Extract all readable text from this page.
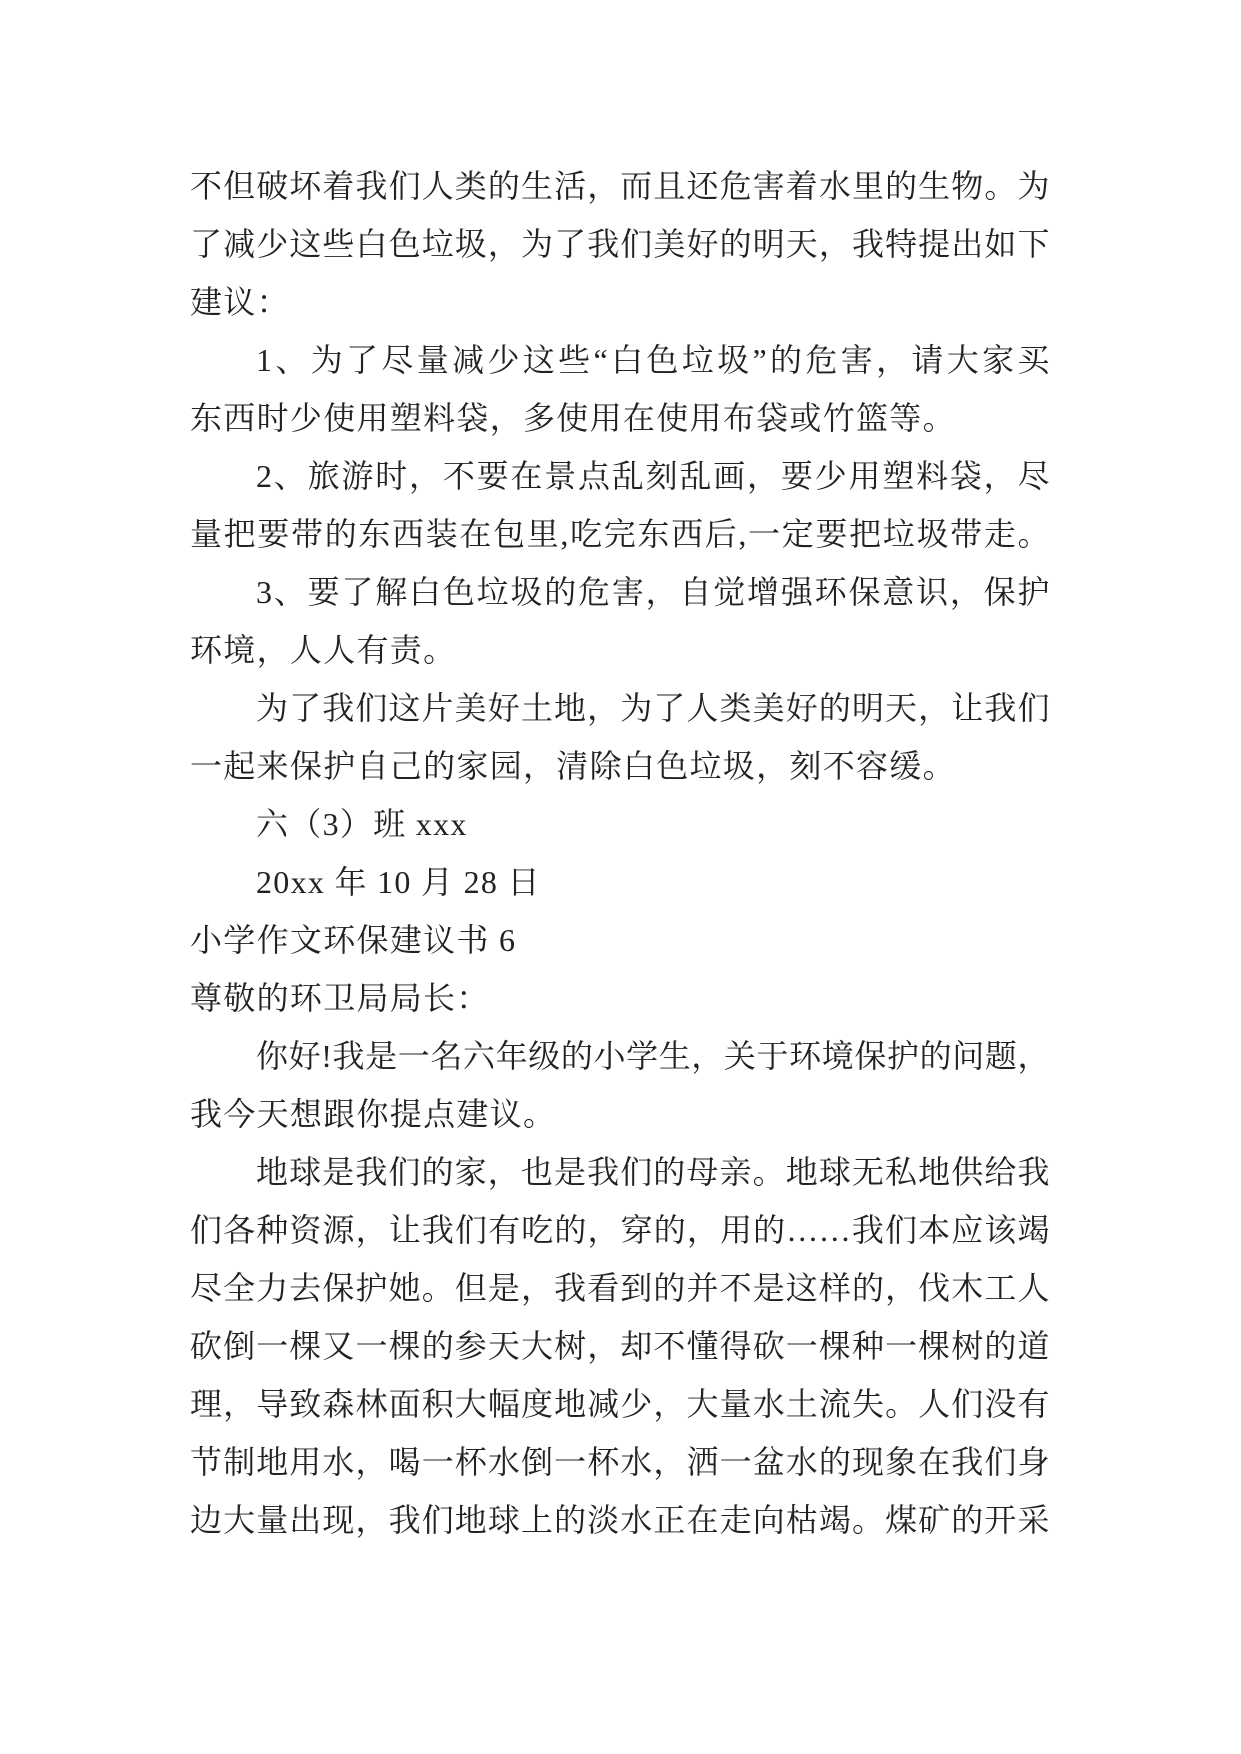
不但破坏着我们人类的生活，而且还危害着水里的生物。为
了减少这些白色垃圾，为了我们美好的明天，我特提出如下
建议：
1、为了尽量减少这些“白色垃圾”的危害，请大家买
东西时少使用塑料袋，多使用在使用布袋或竹篮等。
2、旅游时，不要在景点乱刻乱画，要少用塑料袋，尽
量把要带的东西装在包里,吃完东西后,一定要把垃圾带走。
3、要了解白色垃圾的危害，自觉增强环保意识，保护
环境，人人有责。
为了我们这片美好土地，为了人类美好的明天，让我们
一起来保护自己的家园，清除白色垃圾，刻不容缓。
六（3）班 xxx
20xx 年 10 月 28 日
小学作文环保建议书 6
尊敬的环卫局局长：
你好!我是一名六年级的小学生，关于环境保护的问题，
我今天想跟你提点建议。
地球是我们的家，也是我们的母亲。地球无私地供给我
们各种资源，让我们有吃的，穿的，用的……我们本应该竭
尽全力去保护她。但是，我看到的并不是这样的，伐木工人
砍倒一棵又一棵的参天大树，却不懂得砍一棵种一棵树的道
理，导致森林面积大幅度地减少，大量水土流失。人们没有
节制地用水，喝一杯水倒一杯水，洒一盆水的现象在我们身
边大量出现，我们地球上的淡水正在走向枯竭。煤矿的开采
